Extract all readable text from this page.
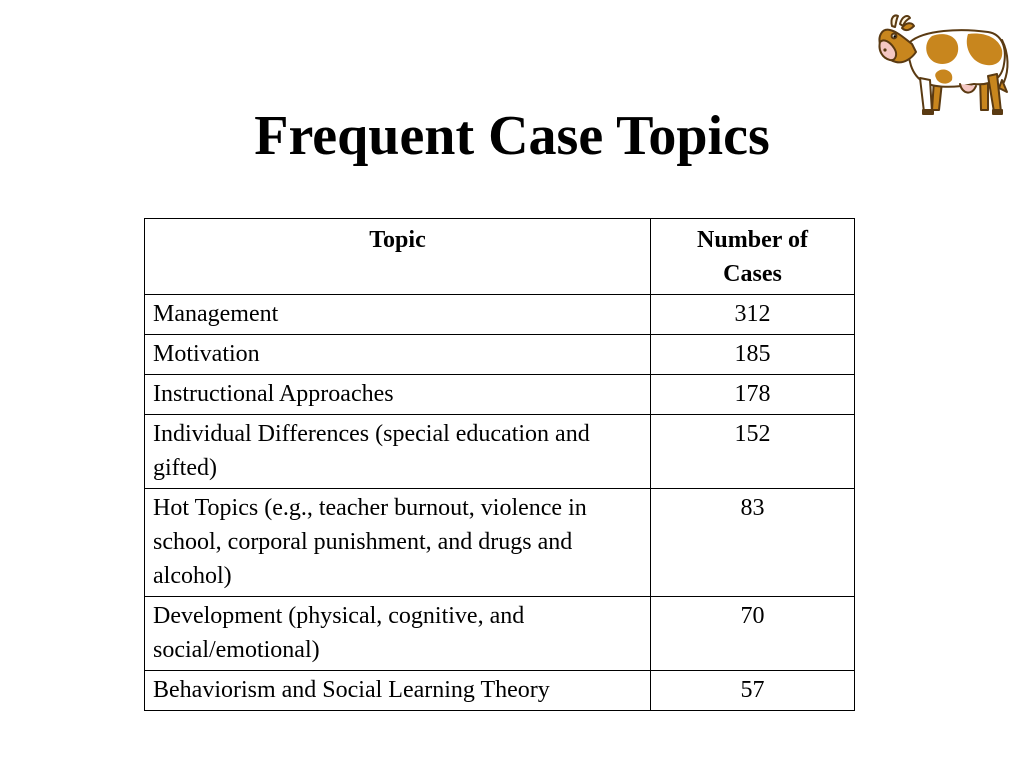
Frequent Case Topics
Topic	Number of
Cases
Management	312
Motivation	185
Instructional Approaches	178
Individual Differences (special education and gifted)	152
Hot Topics (e.g., teacher burnout, violence in school, corporal punishment, and drugs and alcohol)	83
Development (physical, cognitive, and social/emotional)	70
Behaviorism and Social Learning Theory	57
